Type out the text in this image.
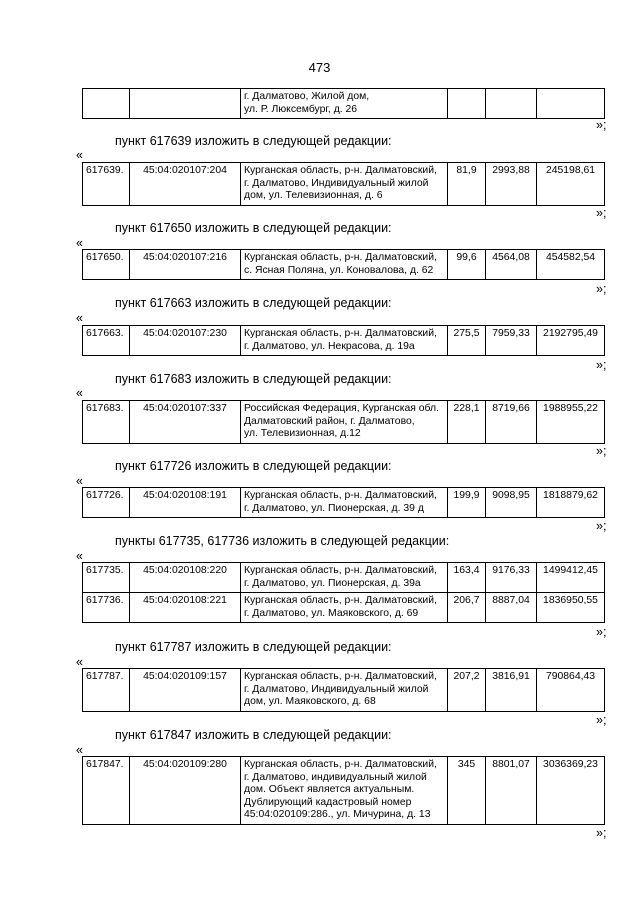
473

г. Далматово, Жилой дом,
ул. Р. Люксембург, д. 26

»;
пункт 617639 изложить в следующей редакции:
«
617639.	45:04:020107:204	Курганская область, р-н. Далматовский,
г. Далматово, Индивидуальный жилой
дом, ул. Телевизионная, д. 6
	81,9	2993,88	245198,61
»;
пункт 617650 изложить в следующей редакции:
«
617650.	45:04:020107:216	Курганская область, р-н. Далматовский,
с. Ясная Поляна, ул. Коновалова, д. 62
	99,6	4564,08	454582,54
»;
пункт 617663 изложить в следующей редакции:
«
617663.	45:04:020107:230	Курганская область, р-н. Далматовский,
г. Далматово, ул. Некрасова, д. 19а
	275,5	7959,33	2192795,49
»;
пункт 617683 изложить в следующей редакции:
«
617683.	45:04:020107:337	Российская Федерация, Курганская обл.
Далматовский район, г. Далматово,
ул. Телевизионная, д.12
	228,1	8719,66	1988955,22
»;
пункт 617726 изложить в следующей редакции:
«
617726.	45:04:020108:191	Курганская область, р-н. Далматовский,
г. Далматово, ул. Пионерская, д. 39 д
	199,9	9098,95	1818879,62
»;
пункты 617735, 617736 изложить в следующей редакции:
«
617735.	45:04:020108:220	Курганская область, р-н. Далматовский,
г. Далматово, ул. Пионерская, д. 39а	163,4	9176,33	1499412,45
617736.	45:04:020108:221	Курганская область, р-н. Далматовский,
г. Далматово, ул. Маяковского, д. 69	206,7	8887,04	1836950,55
»;
пункт 617787 изложить в следующей редакции:
«
617787.	45:04:020109:157	Курганская область, р-н. Далматовский,
г. Далматово, Индивидуальный жилой
дом, ул. Маяковского, д. 68
	207,2	3816,91	790864,43
»;
пункт 617847 изложить в следующей редакции:
«
617847.	45:04:020109:280	Курганская область, р-н. Далматовский,
г. Далматово, индивидуальный жилой
дом. Объект является актуальным.
Дублирующий кадастровый номер
45:04:020109:286., ул. Мичурина, д. 13
	345	8801,07	3036369,23
»;
